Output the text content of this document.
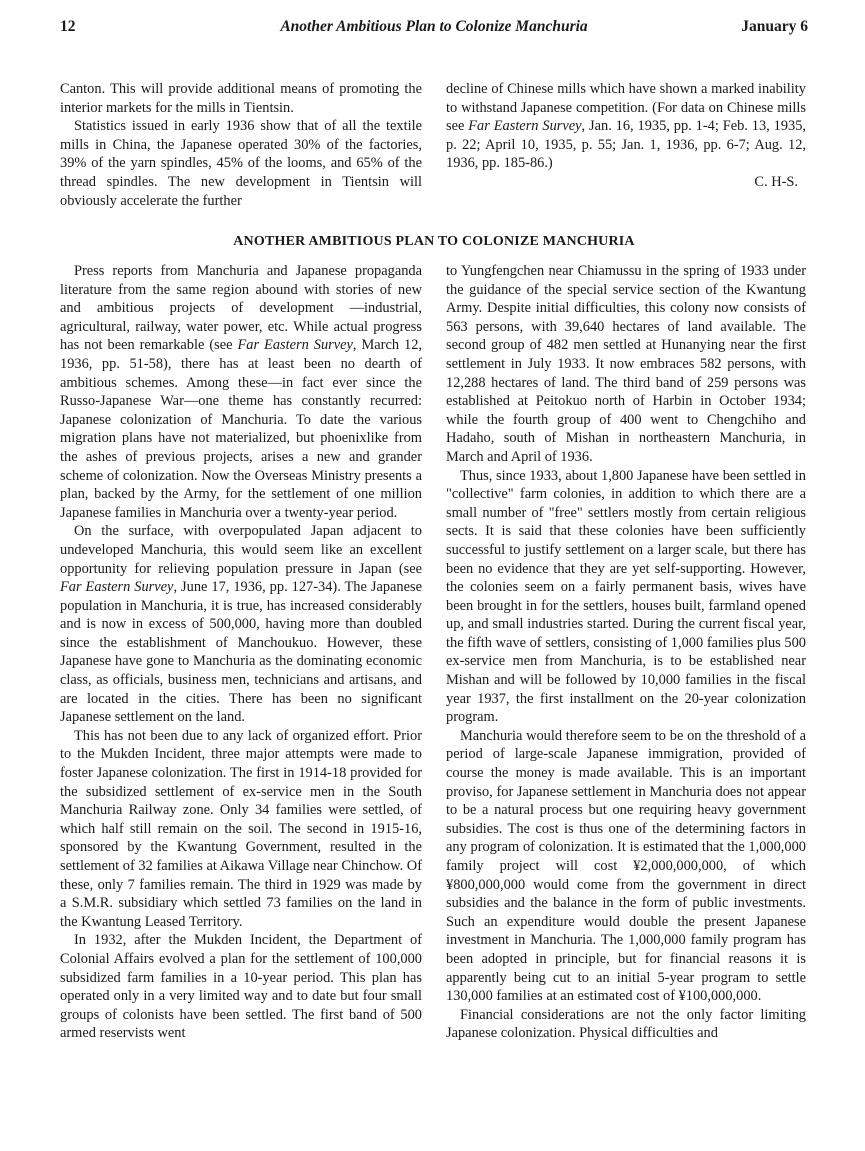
12	Another Ambitious Plan to Colonize Manchuria	January 6

Canton. This will provide additional means of promoting the interior markets for the mills in Tientsin.

Statistics issued in early 1936 show that of all the textile mills in China, the Japanese operated 30% of the factories, 39% of the yarn spindles, 45% of the looms, and 65% of the thread spindles. The new development in Tientsin will obviously accelerate the further

decline of Chinese mills which have shown a marked inability to withstand Japanese competition. (For data on Chinese mills see Far Eastern Survey, Jan. 16, 1935, pp. 1-4; Feb. 13, 1935, p. 22; April 10, 1935, p. 55; Jan. 1, 1936, pp. 6-7; Aug. 12, 1936, pp. 185-86.)

C. H-S.
ANOTHER AMBITIOUS PLAN TO COLONIZE MANCHURIA

Press reports from Manchuria and Japanese propaganda literature from the same region abound with stories of new and ambitious projects of development —industrial, agricultural, railway, water power, etc. While actual progress has not been remarkable (see Far Eastern Survey, March 12, 1936, pp. 51-58), there has at least been no dearth of ambitious schemes. Among these—in fact ever since the Russo-Japanese War—one theme has constantly recurred: Japanese colonization of Manchuria. To date the various migration plans have not materialized, but phoenixlike from the ashes of previous projects, arises a new and grander scheme of colonization. Now the Overseas Ministry presents a plan, backed by the Army, for the settlement of one million Japanese families in Manchuria over a twenty-year period.

On the surface, with overpopulated Japan adjacent to undeveloped Manchuria, this would seem like an excellent opportunity for relieving population pressure in Japan (see Far Eastern Survey, June 17, 1936, pp. 127-34). The Japanese population in Manchuria, it is true, has increased considerably and is now in excess of 500,000, having more than doubled since the establishment of Manchoukuo. However, these Japanese have gone to Manchuria as the dominating economic class, as officials, business men, technicians and artisans, and are located in the cities. There has been no significant Japanese settlement on the land.

This has not been due to any lack of organized effort. Prior to the Mukden Incident, three major attempts were made to foster Japanese colonization. The first in 1914-18 provided for the subsidized settlement of ex-service men in the South Manchuria Railway zone. Only 34 families were settled, of which half still remain on the soil. The second in 1915-16, sponsored by the Kwantung Government, resulted in the settlement of 32 families at Aikawa Village near Chinchow. Of these, only 7 families remain. The third in 1929 was made by a S.M.R. subsidiary which settled 73 families on the land in the Kwantung Leased Territory.

In 1932, after the Mukden Incident, the Department of Colonial Affairs evolved a plan for the settlement of 100,000 subsidized farm families in a 10-year period. This plan has operated only in a very limited way and to date but four small groups of colonists have been settled. The first band of 500 armed reservists went

to Yungfengchen near Chiamussu in the spring of 1933 under the guidance of the special service section of the Kwantung Army. Despite initial difficulties, this colony now consists of 563 persons, with 39,640 hectares of land available. The second group of 482 men settled at Hunanying near the first settlement in July 1933. It now embraces 582 persons, with 12,288 hectares of land. The third band of 259 persons was established at Peitokuo north of Harbin in October 1934; while the fourth group of 400 went to Chengchiho and Hadaho, south of Mishan in northeastern Manchuria, in March and April of 1936.

Thus, since 1933, about 1,800 Japanese have been settled in "collective" farm colonies, in addition to which there are a small number of "free" settlers mostly from certain religious sects. It is said that these colonies have been sufficiently successful to justify settlement on a larger scale, but there has been no evidence that they are yet self-supporting. However, the colonies seem on a fairly permanent basis, wives have been brought in for the settlers, houses built, farmland opened up, and small industries started. During the current fiscal year, the fifth wave of settlers, consisting of 1,000 families plus 500 ex-service men from Manchuria, is to be established near Mishan and will be followed by 10,000 families in the fiscal year 1937, the first installment on the 20-year colonization program.

Manchuria would therefore seem to be on the threshold of a period of large-scale Japanese immigration, provided of course the money is made available. This is an important proviso, for Japanese settlement in Manchuria does not appear to be a natural process but one requiring heavy government subsidies. The cost is thus one of the determining factors in any program of colonization. It is estimated that the 1,000,000 family project will cost ¥2,000,000,000, of which ¥800,000,000 would come from the government in direct subsidies and the balance in the form of public investments. Such an expenditure would double the present Japanese investment in Manchuria. The 1,000,000 family program has been adopted in principle, but for financial reasons it is apparently being cut to an initial 5-year program to settle 130,000 families at an estimated cost of ¥100,000,000.

Financial considerations are not the only factor limiting Japanese colonization. Physical difficulties and
